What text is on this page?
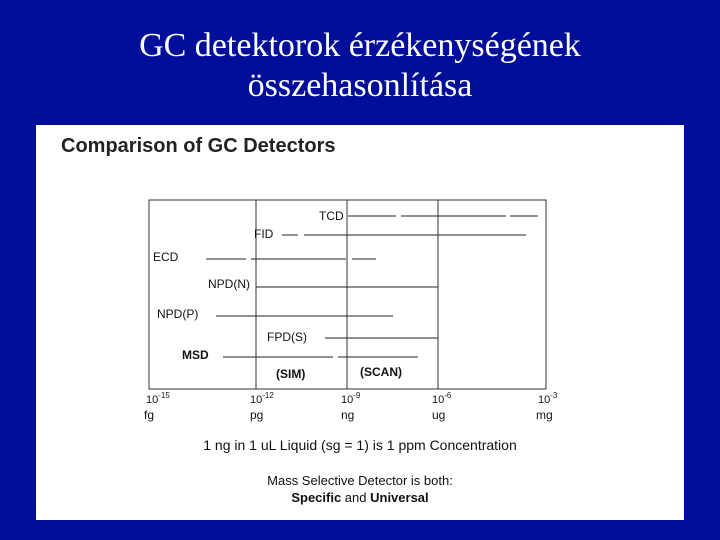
GC detektorok érzékenységének
összehasonlítása
Comparison of GC Detectors
TCD
FID
ECD
NPD(N)
NPD(P)
FPD(S)
MSD
(SIM)	(SCAN)
$10^{-15}$
fg
$10^{-12}$
pg
$10^{-9}$
ng
$10^{-6}$
ug
$10^{-3}$
mg
1 ng in 1 uL Liquid (sg = 1) is 1 ppm Concentration
Mass Selective Detector is both:
Specific and Universal
